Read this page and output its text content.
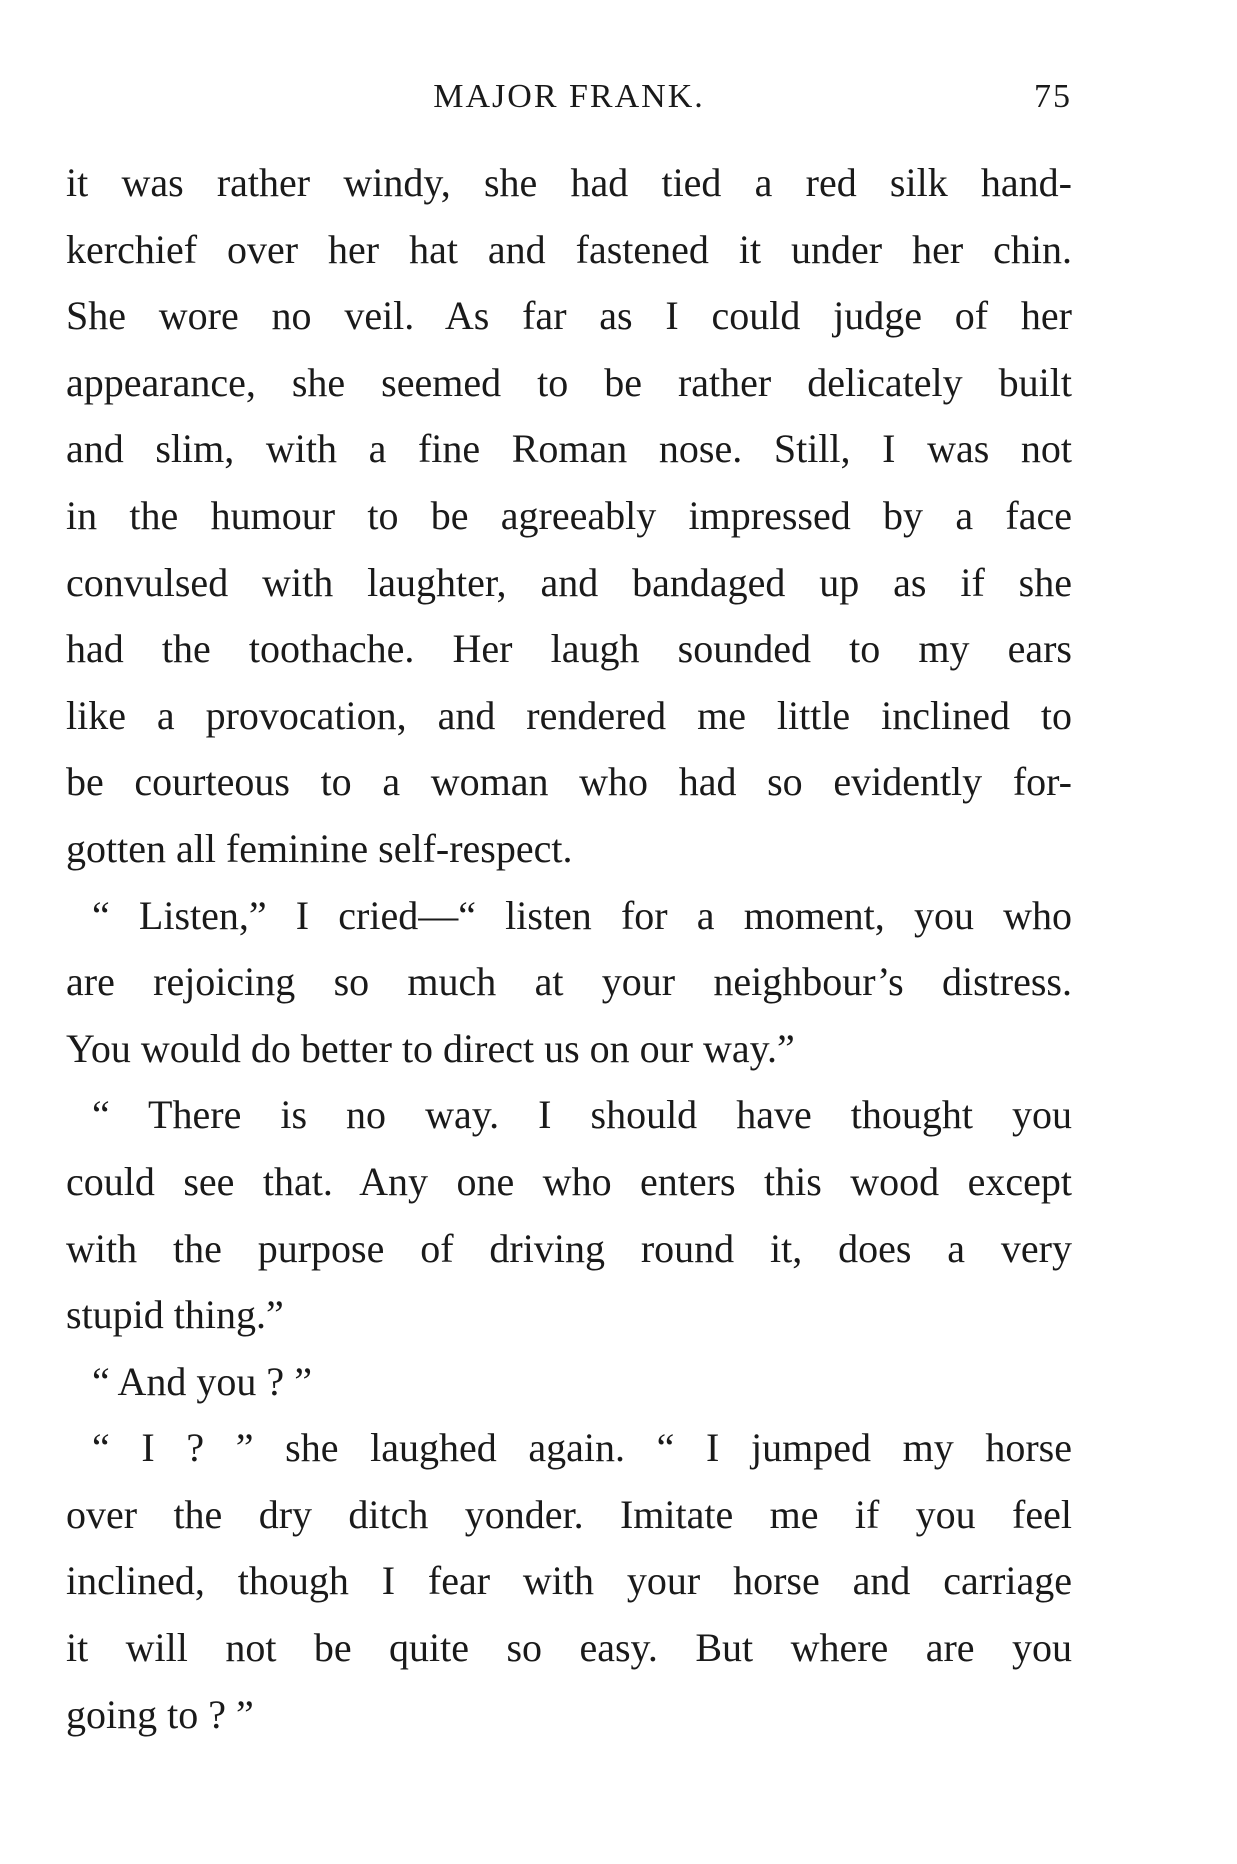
MAJOR FRANK.	75
it was rather windy, she had tied a red silk hand-
kerchief over her hat and fastened it under her chin.
She wore no veil. As far as I could judge of her
appearance, she seemed to be rather delicately built
and slim, with a fine Roman nose. Still, I was not
in the humour to be agreeably impressed by a face
convulsed with laughter, and bandaged up as if she
had the toothache. Her laugh sounded to my ears
like a provocation, and rendered me little inclined to
be courteous to a woman who had so evidently for-
gotten all feminine self-respect.
“ Listen,” I cried—“ listen for a moment, you who
are rejoicing so much at your neighbour’s distress.
You would do better to direct us on our way.”
“ There is no way. I should have thought you
could see that. Any one who enters this wood except
with the purpose of driving round it, does a very
stupid thing.”
“ And you ? ”
“ I ? ” she laughed again. “ I jumped my horse
over the dry ditch yonder. Imitate me if you feel
inclined, though I fear with your horse and carriage
it will not be quite so easy. But where are you
going to ? ”
